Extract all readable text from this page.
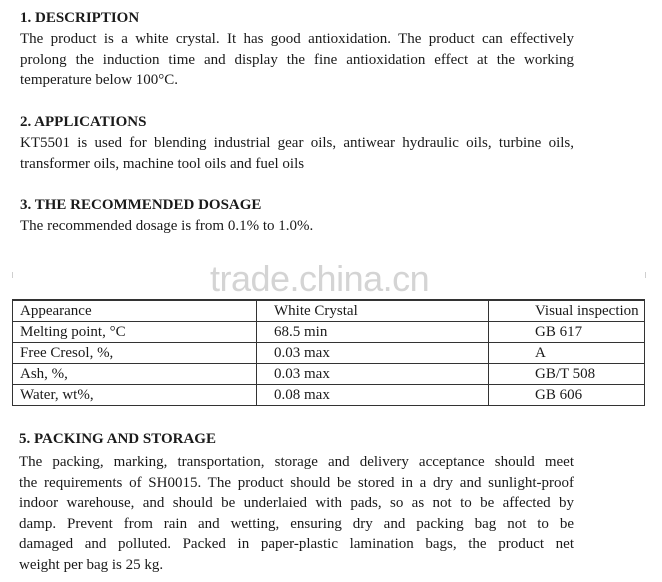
1. DESCRIPTION
The product is a white crystal. It has good antioxidation. The product can effectively
prolong the induction time and display the fine antioxidation effect at the working
temperature below 100°C.
2. APPLICATIONS
KT5501 is used for blending industrial gear oils, antiwear hydraulic oils, turbine oils,
transformer oils, machine tool oils and fuel oils
3. THE RECOMMENDED DOSAGE
The recommended dosage is from 0.1% to 1.0%.
trade.china.cn
Appearance	White Crystal	Visual inspection
Melting point, °C	68.5 min	GB 617
Free Cresol, %,	0.03 max	A
Ash, %,	0.03 max	GB/T 508
Water, wt%,	0.08 max	GB 606
5. PACKING AND STORAGE
The packing, marking, transportation, storage and delivery acceptance should meet
the requirements of SH0015. The product should be stored in a dry and sunlight-proof
indoor warehouse, and should be underlaied with pads, so as not to be affected by
damp. Prevent from rain and wetting, ensuring dry and packing bag not to be
damaged and polluted. Packed in paper-plastic lamination bags, the product net
weight per bag is 25 kg.
